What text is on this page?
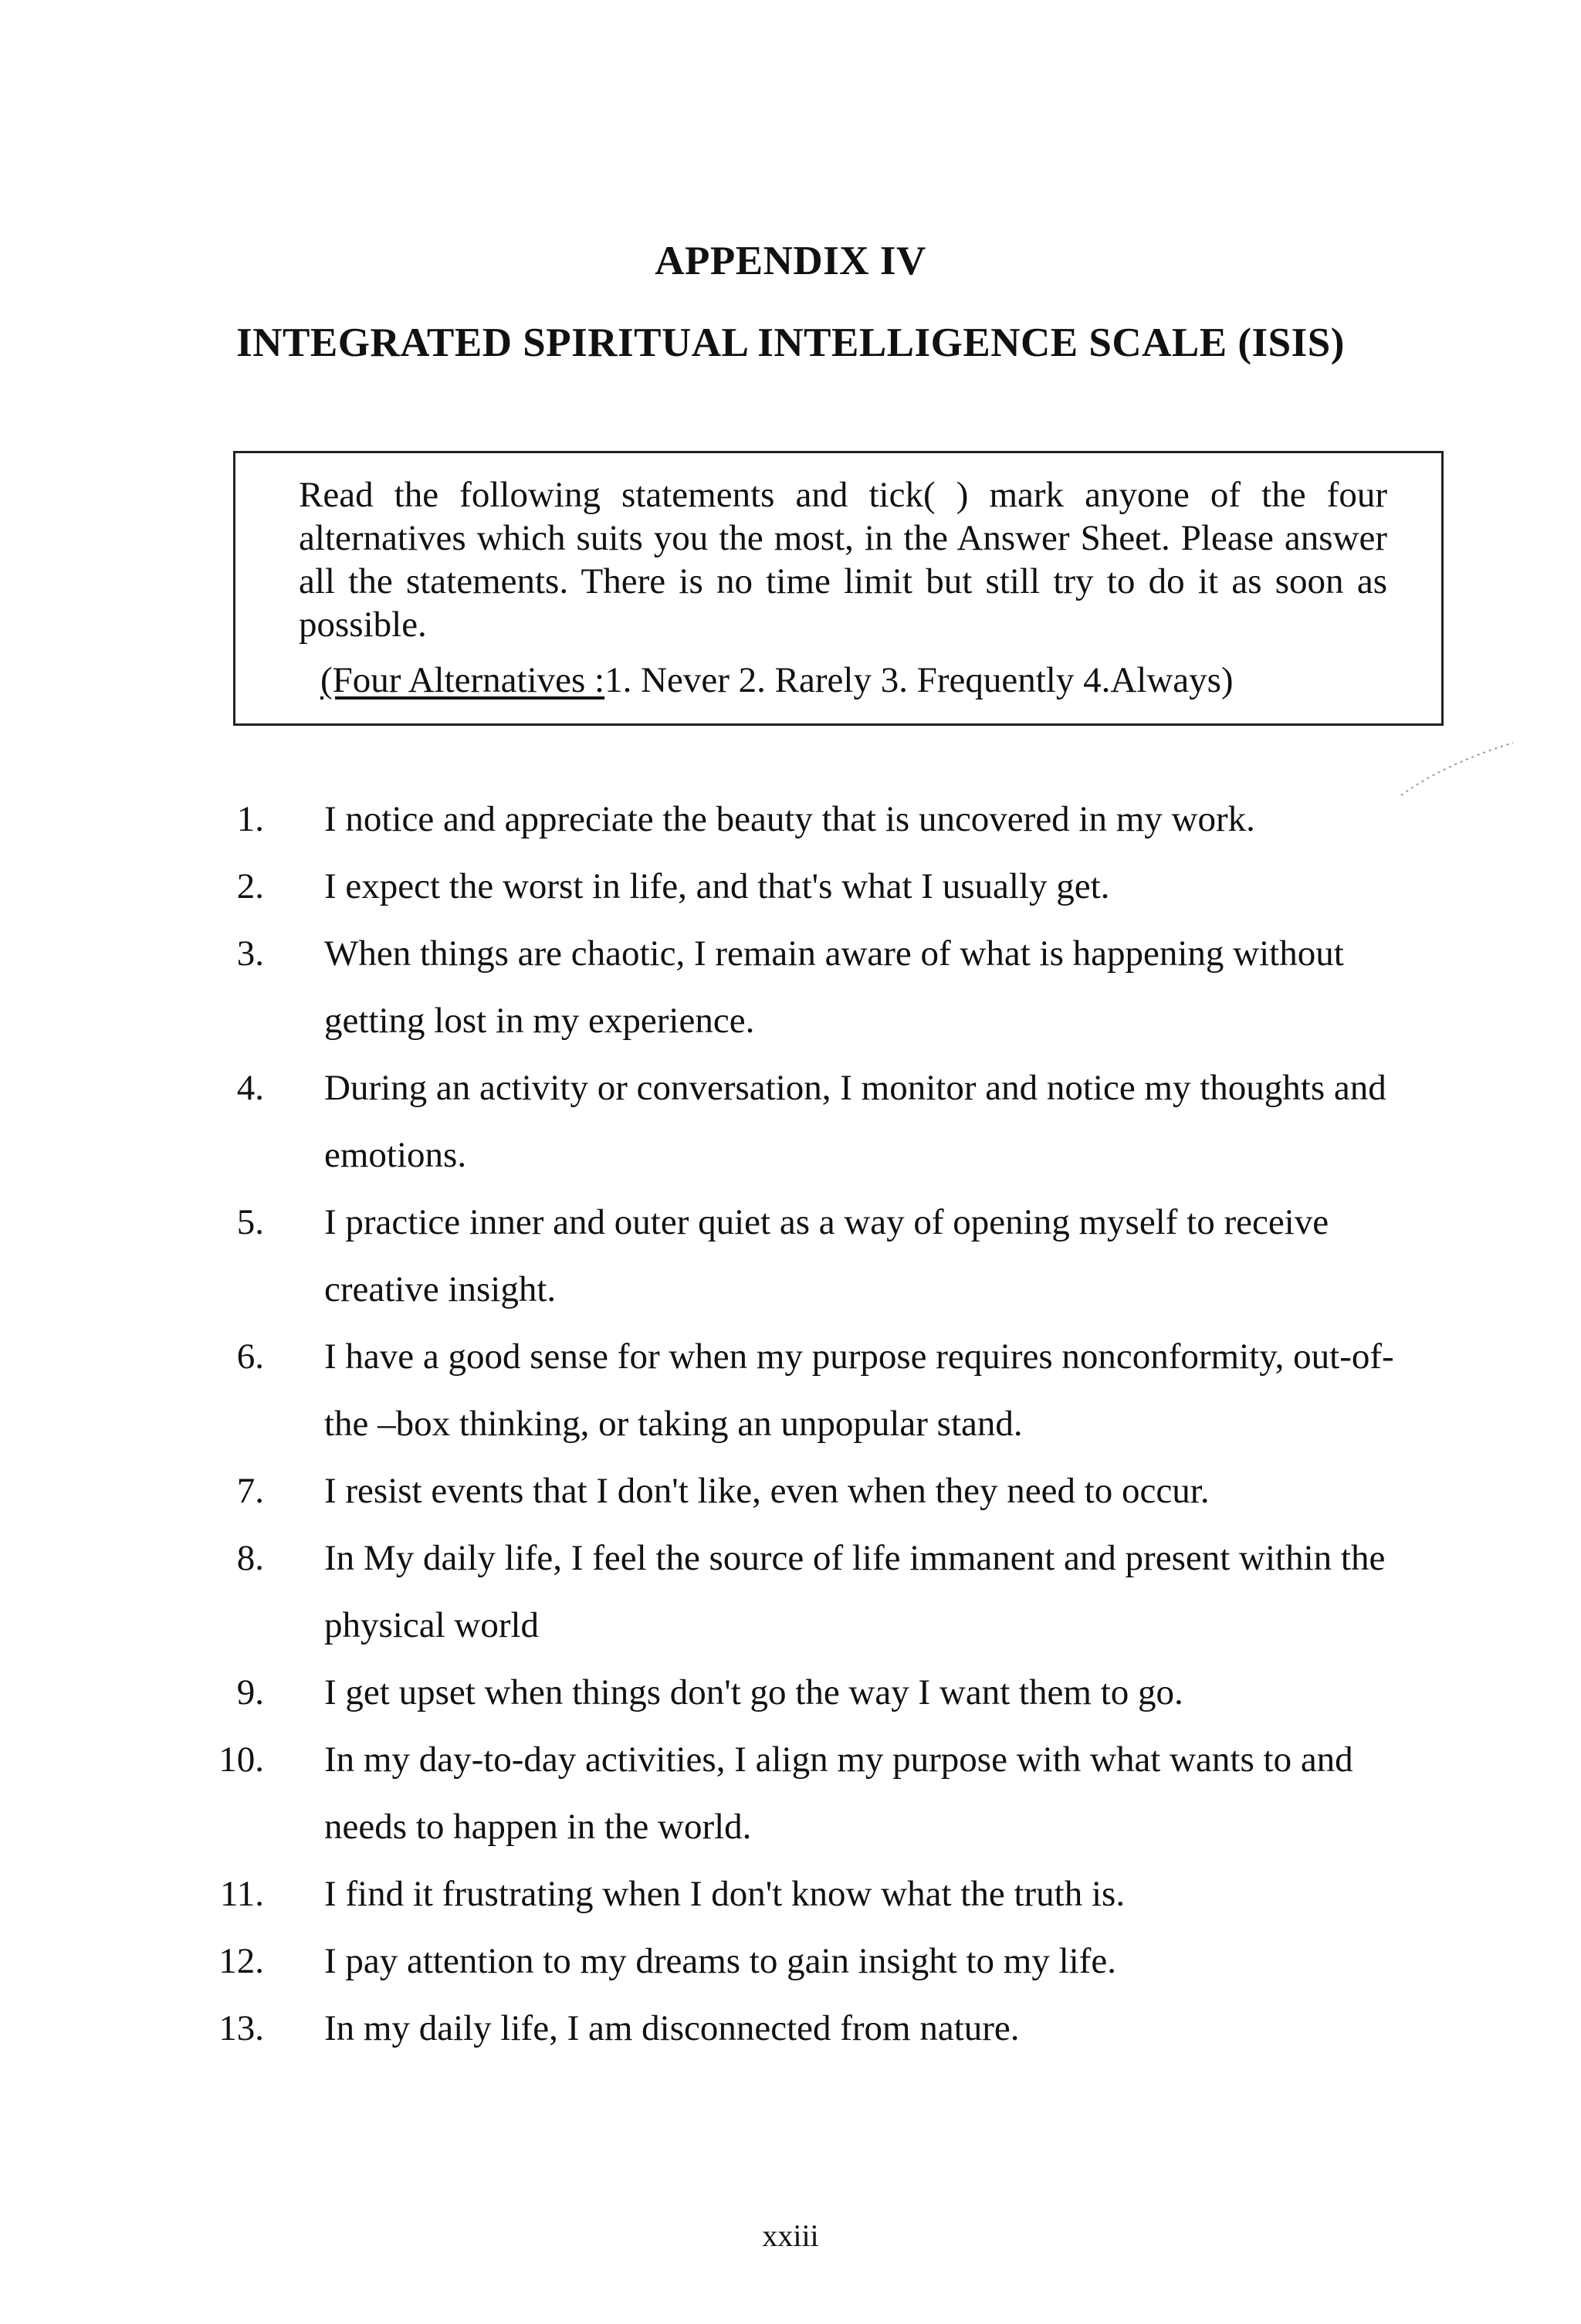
APPENDIX IV
INTEGRATED SPIRITUAL INTELLIGENCE SCALE (ISIS)
Read the following statements and tick( ) mark anyone of the four alternatives which suits you the most, in the Answer Sheet. Please answer all the statements. There is no time limit but still try to do it as soon as possible.
(Four Alternatives :1. Never 2. Rarely 3. Frequently 4.Always)
1. I notice and appreciate the beauty that is uncovered in my work.
2. I expect the worst in life, and that's what I usually get.
3. When things are chaotic, I remain aware of what is happening without getting lost in my experience.
4. During an activity or conversation, I monitor and notice my thoughts and emotions.
5. I practice inner and outer quiet as a way of opening myself to receive creative insight.
6. I have a good sense for when my purpose requires nonconformity, out-of-the –box thinking, or taking an unpopular stand.
7. I resist events that I don't like, even when they need to occur.
8. In My daily life, I feel the source of life immanent and present within the physical world
9. I get upset when things don't go the way I want them to go.
10. In my day-to-day activities, I align my purpose with what wants to and needs to happen in the world.
11. I find it frustrating when I don't know what the truth is.
12. I pay attention to my dreams to gain insight to my life.
13. In my daily life, I am disconnected from nature.
xxiii
